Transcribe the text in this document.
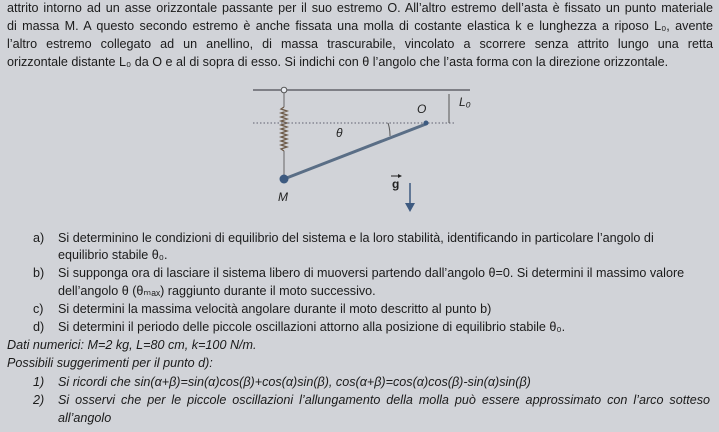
attrito intorno ad un asse orizzontale passante per il suo estremo O. All’altro estremo dell’asta è fissato un punto materiale
di massa M. A questo secondo estremo è anche fissata una molla di costante elastica k e lunghezza a riposo L₀, avente
l’altro estremo collegato ad un anellino, di massa trascurabile, vincolato a scorrere senza attrito lungo una retta
orizzontale distante L₀ da O e al di sopra di esso. Si indichi con θ l’angolo che l’asta forma con la direzione orizzontale.
O	L₀
θ
g
M
a) Si determinino le condizioni di equilibrio del sistema e la loro stabilità, identificando in particolare l’angolo di
equilibrio stabile θ₀.
b) Si supponga ora di lasciare il sistema libero di muoversi partendo dall’angolo θ=0. Si determini il massimo valore
dell’angolo θ (θₘₐₓ) raggiunto durante il moto successivo.
c) Si determini la massima velocità angolare durante il moto descritto al punto b)
d) Si determini il periodo delle piccole oscillazioni attorno alla posizione di equilibrio stabile θ₀.
Dati numerici: M=2 kg, L=80 cm, k=100 N/m.
Possibili suggerimenti per il punto d):
1) Si ricordi che sin(α+β)=sin(α)cos(β)+cos(α)sin(β), cos(α+β)=cos(α)cos(β)-sin(α)sin(β)
2) Si osservi che per le piccole oscillazioni l’allungamento della molla può essere approssimato con l’arco sotteso
all’angolo
